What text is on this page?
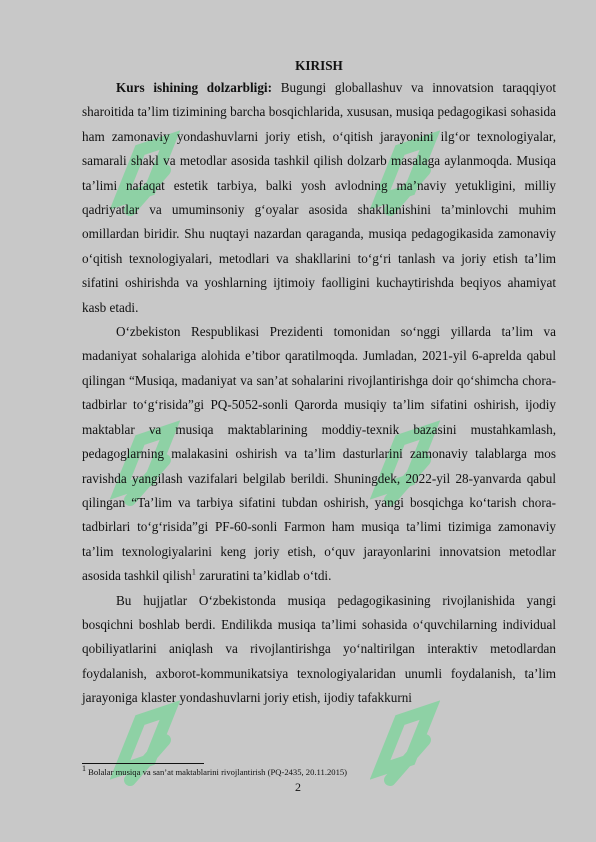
KIRISH

Kurs ishining dolzarbligi: Bugungi globallashuv va innovatsion taraqqiyot sharoitida ta’lim tizimining barcha bosqichlarida, xususan, musiqa pedagogikasi sohasida ham zamonaviy yondashuvlarni joriy etish, o‘qitish jarayonini ilg‘or texnologiyalar, samarali shakl va metodlar asosida tashkil qilish dolzarb masalaga aylanmoqda. Musiqa ta’limi nafaqat estetik tarbiya, balki yosh avlodning ma’naviy yetukligini, milliy qadriyatlar va umuminsoniy g‘oyalar asosida shakllanishini ta’minlovchi muhim omillardan biridir. Shu nuqtayi nazardan qaraganda, musiqa pedagogikasida zamonaviy o‘qitish texnologiyalari, metodlari va shakllarini to‘g‘ri tanlash va joriy etish ta’lim sifatini oshirishda va yoshlarning ijtimoiy faolligini kuchaytirishda beqiyos ahamiyat kasb etadi.

O‘zbekiston Respublikasi Prezidenti tomonidan so‘nggi yillarda ta’lim va madaniyat sohalariga alohida e’tibor qaratilmoqda. Jumladan, 2021-yil 6-aprelda qabul qilingan “Musiqa, madaniyat va san’at sohalarini rivojlantirishga doir qo‘shimcha chora-tadbirlar to‘g‘risida”gi PQ-5052-sonli Qarorda musiqiy ta’lim sifatini oshirish, ijodiy maktablar va musiqa maktablarining moddiy-texnik bazasini mustahkamlash, pedagoglarning malakasini oshirish va ta’lim dasturlarini zamonaviy talablarga mos ravishda yangilash vazifalari belgilab berildi. Shuningdek, 2022-yil 28-yanvarda qabul qilingan “Ta’lim va tarbiya sifatini tubdan oshirish, yangi bosqichga ko‘tarish chora-tadbirlari to‘g‘risida”gi PF-60-sonli Farmon ham musiqa ta’limi tizimiga zamonaviy ta’lim texnologiyalarini keng joriy etish, o‘quv jarayonlarini innovatsion metodlar asosida tashkil qilish$^1$ zaruratini ta’kidlab o‘tdi.

Bu hujjatlar O‘zbekistonda musiqa pedagogikasining rivojlanishida yangi bosqichni boshlab berdi. Endilikda musiqa ta’limi sohasida o‘quvchilarning individual qobiliyatlarini aniqlash va rivojlantirishga yo‘naltirilgan interaktiv metodlardan foydalanish, axborot-kommunikatsiya texnologiyalaridan unumli foydalanish, ta’lim jarayoniga klaster yondashuvlarni joriy etish, ijodiy tafakkurni

$^1$ Bolalar musiqa va san’at maktablarini rivojlantirish (PQ-2435, 20.11.2015)
2
